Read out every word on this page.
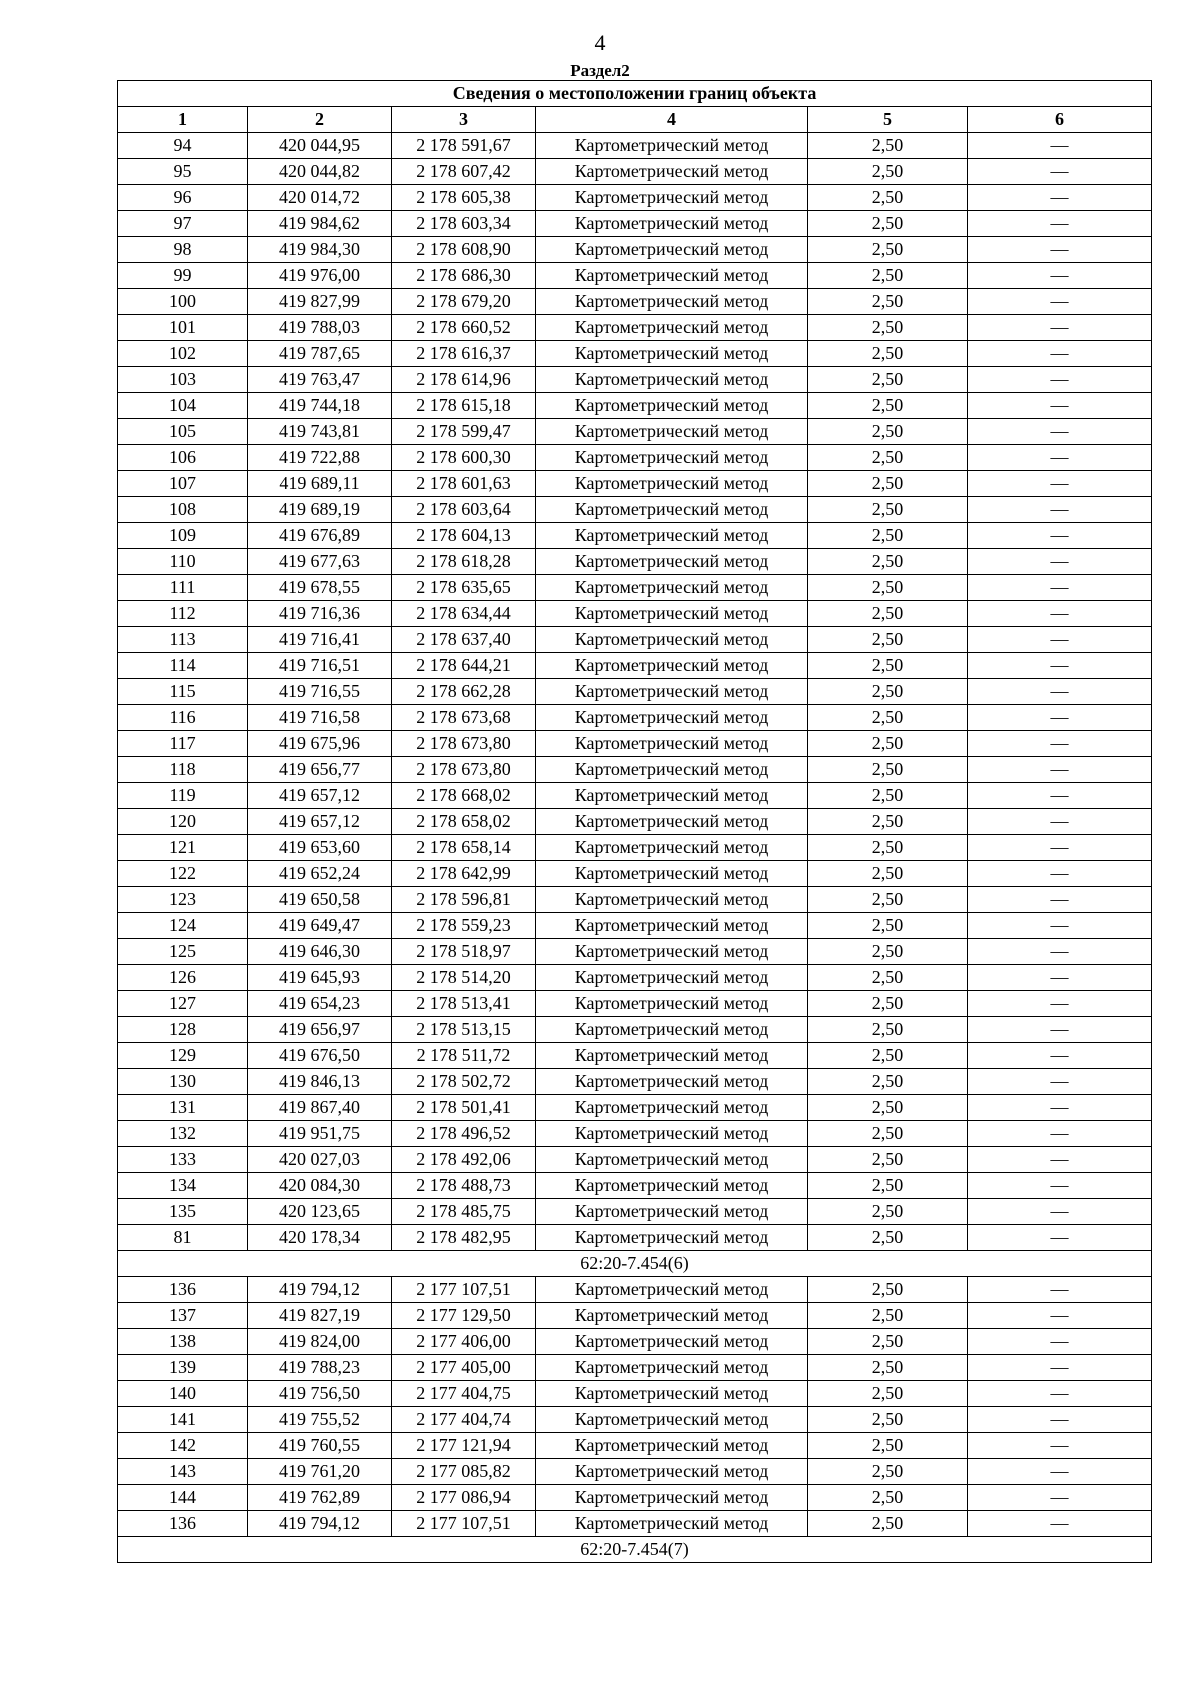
4
Раздел2
Сведения о местоположении границ объекта					
1	2	3	4	5	6
94	420 044,95	2 178 591,67	Картометрический метод	2,50	—
95	420 044,82	2 178 607,42	Картометрический метод	2,50	—
96	420 014,72	2 178 605,38	Картометрический метод	2,50	—
97	419 984,62	2 178 603,34	Картометрический метод	2,50	—
98	419 984,30	2 178 608,90	Картометрический метод	2,50	—
99	419 976,00	2 178 686,30	Картометрический метод	2,50	—
100	419 827,99	2 178 679,20	Картометрический метод	2,50	—
101	419 788,03	2 178 660,52	Картометрический метод	2,50	—
102	419 787,65	2 178 616,37	Картометрический метод	2,50	—
103	419 763,47	2 178 614,96	Картометрический метод	2,50	—
104	419 744,18	2 178 615,18	Картометрический метод	2,50	—
105	419 743,81	2 178 599,47	Картометрический метод	2,50	—
106	419 722,88	2 178 600,30	Картометрический метод	2,50	—
107	419 689,11	2 178 601,63	Картометрический метод	2,50	—
108	419 689,19	2 178 603,64	Картометрический метод	2,50	—
109	419 676,89	2 178 604,13	Картометрический метод	2,50	—
110	419 677,63	2 178 618,28	Картометрический метод	2,50	—
111	419 678,55	2 178 635,65	Картометрический метод	2,50	—
112	419 716,36	2 178 634,44	Картометрический метод	2,50	—
113	419 716,41	2 178 637,40	Картометрический метод	2,50	—
114	419 716,51	2 178 644,21	Картометрический метод	2,50	—
115	419 716,55	2 178 662,28	Картометрический метод	2,50	—
116	419 716,58	2 178 673,68	Картометрический метод	2,50	—
117	419 675,96	2 178 673,80	Картометрический метод	2,50	—
118	419 656,77	2 178 673,80	Картометрический метод	2,50	—
119	419 657,12	2 178 668,02	Картометрический метод	2,50	—
120	419 657,12	2 178 658,02	Картометрический метод	2,50	—
121	419 653,60	2 178 658,14	Картометрический метод	2,50	—
122	419 652,24	2 178 642,99	Картометрический метод	2,50	—
123	419 650,58	2 178 596,81	Картометрический метод	2,50	—
124	419 649,47	2 178 559,23	Картометрический метод	2,50	—
125	419 646,30	2 178 518,97	Картометрический метод	2,50	—
126	419 645,93	2 178 514,20	Картометрический метод	2,50	—
127	419 654,23	2 178 513,41	Картометрический метод	2,50	—
128	419 656,97	2 178 513,15	Картометрический метод	2,50	—
129	419 676,50	2 178 511,72	Картометрический метод	2,50	—
130	419 846,13	2 178 502,72	Картометрический метод	2,50	—
131	419 867,40	2 178 501,41	Картометрический метод	2,50	—
132	419 951,75	2 178 496,52	Картометрический метод	2,50	—
133	420 027,03	2 178 492,06	Картометрический метод	2,50	—
134	420 084,30	2 178 488,73	Картометрический метод	2,50	—
135	420 123,65	2 178 485,75	Картометрический метод	2,50	—
81	420 178,34	2 178 482,95	Картометрический метод	2,50	—
62:20-7.454(6)					
136	419 794,12	2 177 107,51	Картометрический метод	2,50	—
137	419 827,19	2 177 129,50	Картометрический метод	2,50	—
138	419 824,00	2 177 406,00	Картометрический метод	2,50	—
139	419 788,23	2 177 405,00	Картометрический метод	2,50	—
140	419 756,50	2 177 404,75	Картометрический метод	2,50	—
141	419 755,52	2 177 404,74	Картометрический метод	2,50	—
142	419 760,55	2 177 121,94	Картометрический метод	2,50	—
143	419 761,20	2 177 085,82	Картометрический метод	2,50	—
144	419 762,89	2 177 086,94	Картометрический метод	2,50	—
136	419 794,12	2 177 107,51	Картометрический метод	2,50	—
62:20-7.454(7)					
